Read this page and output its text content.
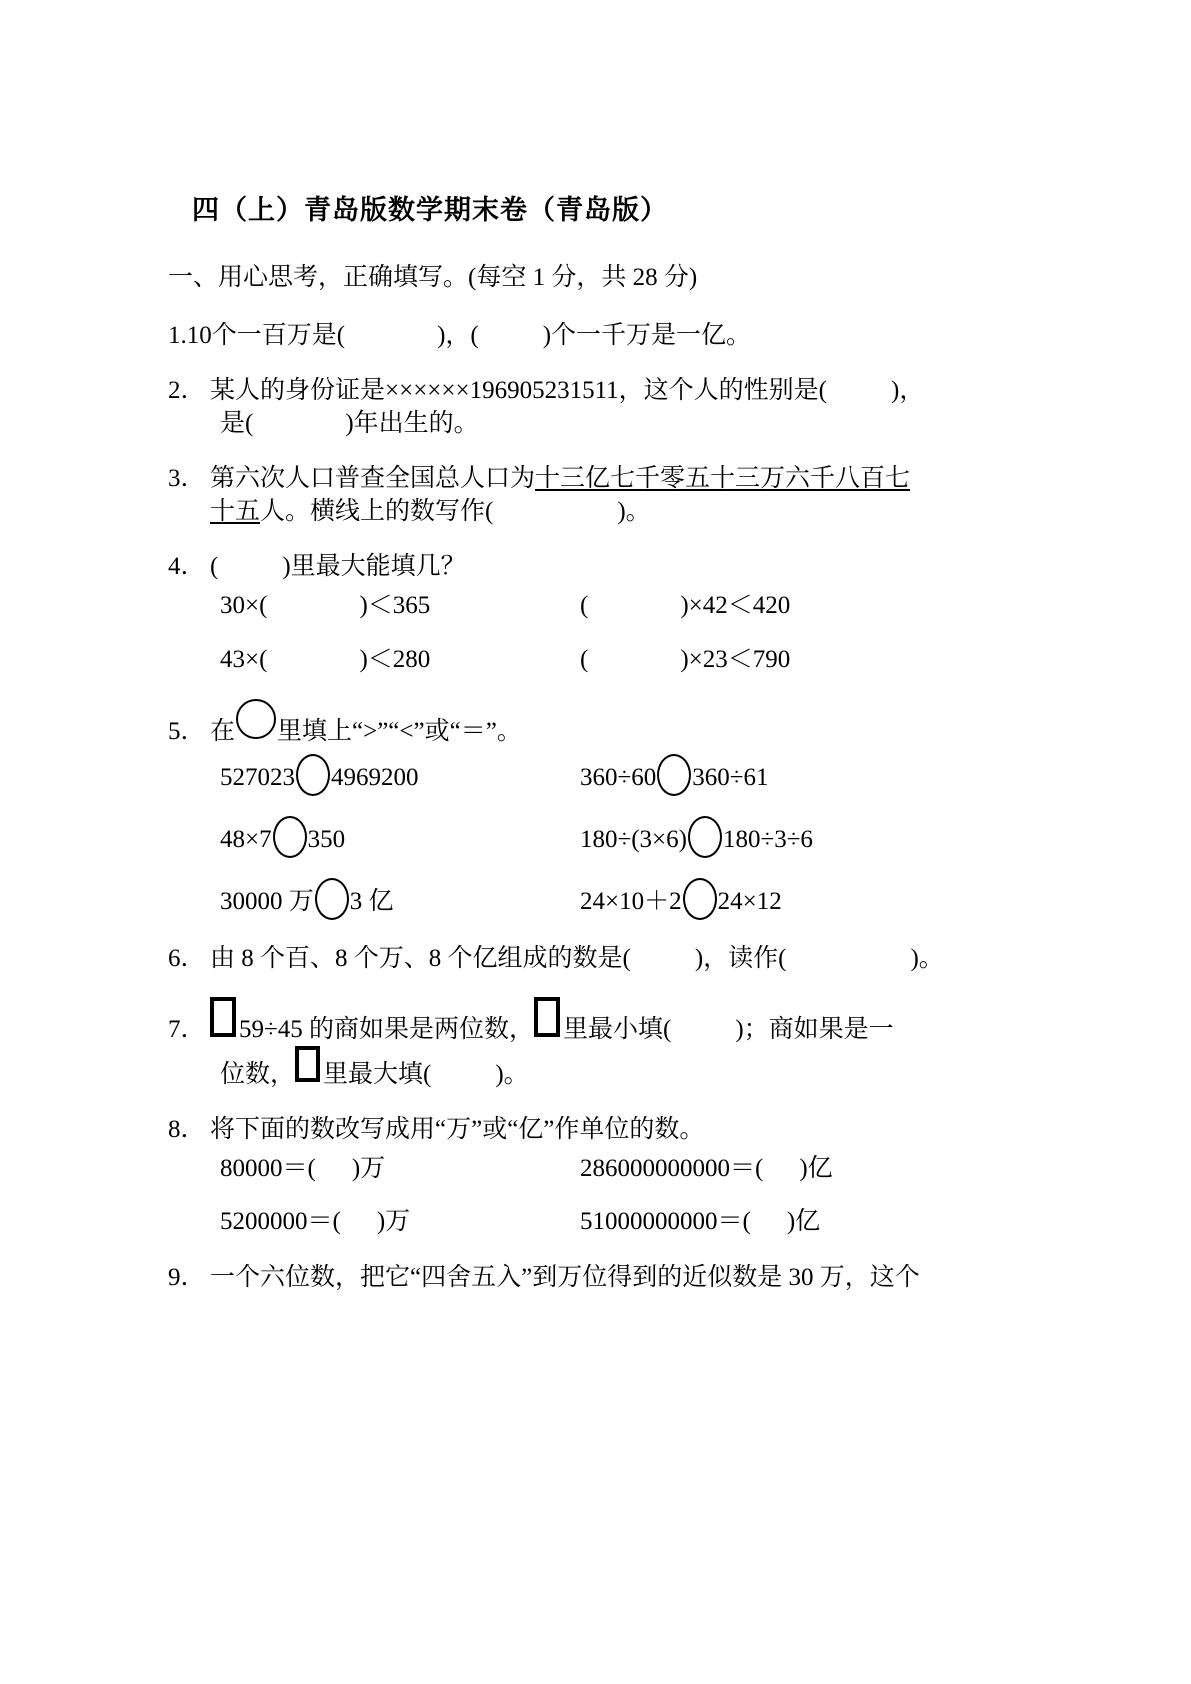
四（上）青岛版数学期末卷（青岛版）
一、用心思考，正确填写。(每空 1 分，共 28 分)
1.10 个一百万是(	)，(	)个一千万是一亿。
2． 某人的身份证是××××××196905231511，这个人的性别是(	)，
是(	)年出生的。
3． 第六次人口普查全国总人口为 十三亿七千零五十三万六千八百七
十五 人。横线上的数写作(	)。
4． (	)里最大能填几？
30×(	)＜365	(	)×42＜420
43×(	)＜280	(	)×23＜790
5． 在 里填上“>”“<”或“＝”。
527023 4969200	360÷60 360÷61
48×7 350	180÷(3×6) 180÷3÷6
30000 万 3 亿	24×10＋2 24×12
6． 由 8 个百、8 个万、8 个亿组成的数是(	)，读作(	)。
7． 59÷45 的商如果是两位数， 里最小填(	)；商如果是一
位数， 里最大填(	)。
8． 将下面的数改写成用“万”或“亿”作单位的数。
80000＝( )万	286000000000＝( )亿
5200000＝( )万	51000000000＝( )亿
9． 一个六位数，把它“四舍五入”到万位得到的近似数是 30 万，这个
